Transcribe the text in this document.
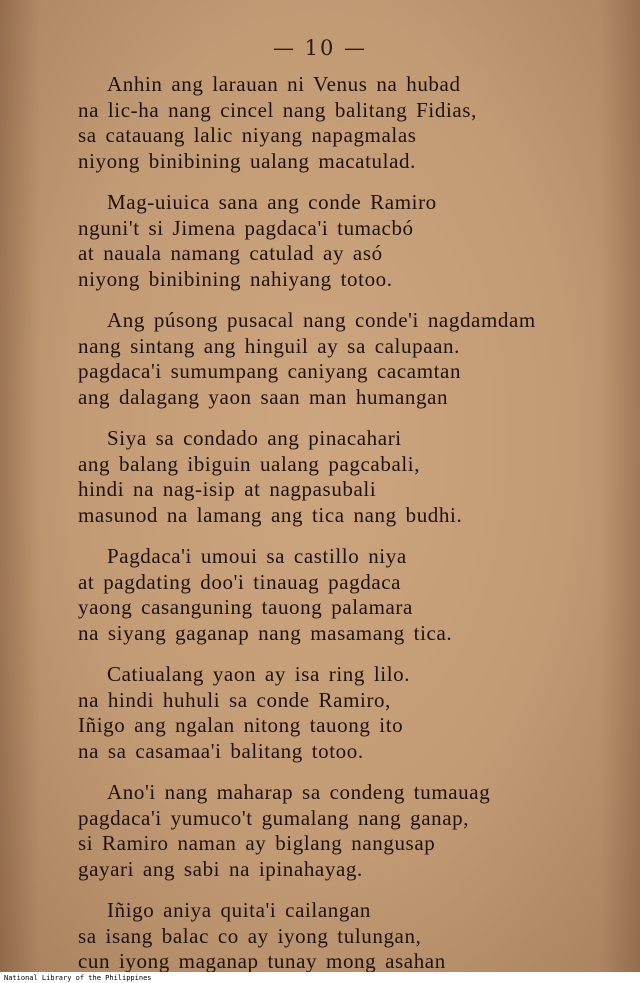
— 10 —
Anhin ang larauan ni Venus na hubad
na lic-ha nang cincel nang balitang Fidias,
sa catauang lalic niyang napagmalas
niyong binibining ualang macatulad.
Mag-uiuica sana ang conde Ramiro
nguni't si Jimena pagdaca'i tumacbó
at nauala namang catulad ay asó
niyong binibining nahiyang totoo.
Ang púsong pusacal nang conde'i nagdamdam
nang sintang ang hinguil ay sa calupaan.
pagdaca'i sumumpang caniyang cacamtan
ang dalagang yaon saan man humangan
Siya sa condado ang pinacahari
ang balang ibiguin ualang pagcabali,
hindi na nag-isip at nagpasubali
masunod na lamang ang tica nang budhi.
Pagdaca'i umoui sa castillo niya
at pagdating doo'i tinauag pagdaca
yaong casanguning tauong palamara
na siyang gaganap nang masamang tica.
Catiualang yaon ay isa ring lilo.
na hindi huhuli sa conde Ramiro,
Iñigo ang ngalan nitong tauong ito
na sa casamaa'i balitang totoo.
Ano'i nang maharap sa condeng tumauag
pagdaca'i yumuco't gumalang nang ganap,
si Ramiro naman ay biglang nangusap
gayari ang sabi na ipinahayag.
Iñigo aniya quita'i cailangan
sa isang balac co ay iyong tulungan,
cun iyong maganap tunay mong asahan
National Library of the Philippines
